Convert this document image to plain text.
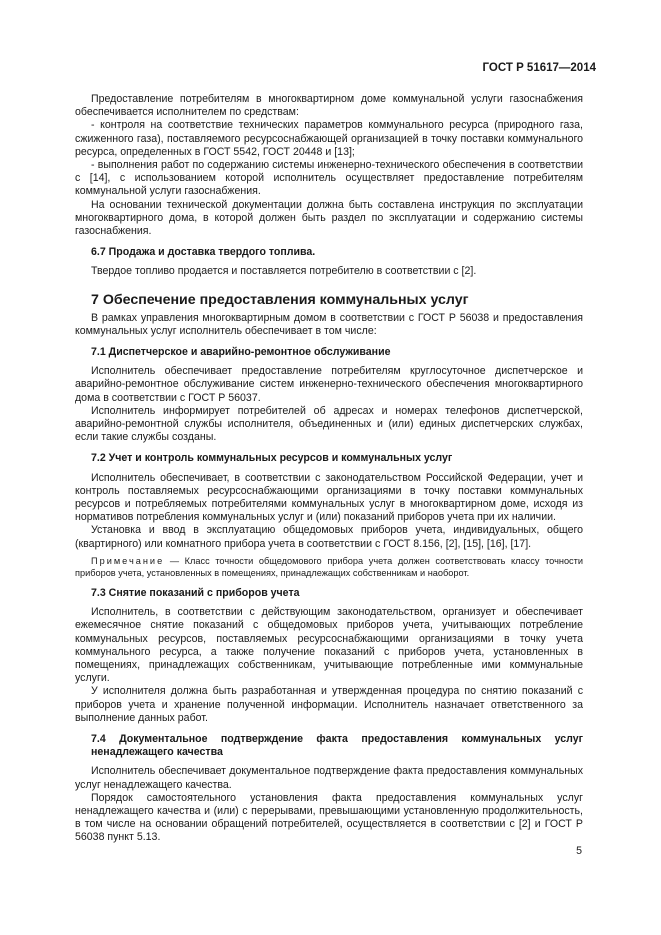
ГОСТ Р 51617—2014

Предоставление потребителям в многоквартирном доме коммунальной услуги газоснабжения обеспечивается исполнителем по средствам:

- контроля на соответствие технических параметров коммунального ресурса (природного газа, сжиженного газа), поставляемого ресурсоснабжающей организацией в точку поставки коммунального ресурса, определенных в ГОСТ 5542, ГОСТ 20448 и [13];

- выполнения работ по содержанию системы инженерно-технического обеспечения в соответствии с [14], с использованием которой исполнитель осуществляет предоставление потребителям коммунальной услуги газоснабжения.

На основании технической документации должна быть составлена инструкция по эксплуатации многоквартирного дома, в которой должен быть раздел по эксплуатации и содержанию системы газоснабжения.

6.7 Продажа и доставка твердого топлива.

Твердое топливо продается и поставляется потребителю в соответствии с [2].

7 Обеспечение предоставления коммунальных услуг

В рамках управления многоквартирным домом в соответствии с ГОСТ Р 56038 и предоставления коммунальных услуг исполнитель обеспечивает в том числе:

7.1 Диспетчерское и аварийно-ремонтное обслуживание

Исполнитель обеспечивает предоставление потребителям круглосуточное диспетчерское и аварийно-ремонтное обслуживание систем инженерно-технического обеспечения многоквартирного дома в соответствии с ГОСТ Р 56037.

Исполнитель информирует потребителей об адресах и номерах телефонов диспетчерской, аварийно-ремонтной службы исполнителя, объединенных и (или) единых диспетчерских службах, если такие службы созданы.

7.2 Учет и контроль коммунальных ресурсов и коммунальных услуг

Исполнитель обеспечивает, в соответствии с законодательством Российской Федерации, учет и контроль поставляемых ресурсоснабжающими организациями в точку поставки коммунальных ресурсов и потребляемых потребителями коммунальных услуг в многоквартирном доме, исходя из нормативов потребления коммунальных услуг и (или) показаний приборов учета при их наличии.

Установка и ввод в эксплуатацию общедомовых приборов учета, индивидуальных, общего (квартирного) или комнатного прибора учета в соответствии с ГОСТ 8.156, [2], [15], [16], [17].

Примечание — Класс точности общедомового прибора учета должен соответствовать классу точности приборов учета, установленных в помещениях, принадлежащих собственникам и наоборот.

7.3 Снятие показаний с приборов учета

Исполнитель, в соответствии с действующим законодательством, организует и обеспечивает ежемесячное снятие показаний с общедомовых приборов учета, учитывающих потребление коммунальных ресурсов, поставляемых ресурсоснабжающими организациями в точку учета коммунального ресурса, а также получение показаний с приборов учета, установленных в помещениях, принадлежащих собственникам, учитывающие потребленные ими коммунальные услуги.

У исполнителя должна быть разработанная и утвержденная процедура по снятию показаний с приборов учета и хранение полученной информации. Исполнитель назначает ответственного за выполнение данных работ.

7.4 Документальное подтверждение факта предоставления коммунальных услуг

ненадлежащего качества

Исполнитель обеспечивает документальное подтверждение факта предоставления коммунальных услуг ненадлежащего качества.

Порядок самостоятельного установления факта предоставления коммунальных услуг ненадлежащего качества и (или) с перерывами, превышающими установленную продолжительность, в том числе на основании обращений потребителей, осуществляется в соответствии с [2] и ГОСТ Р 56038 пункт 5.13.

5
